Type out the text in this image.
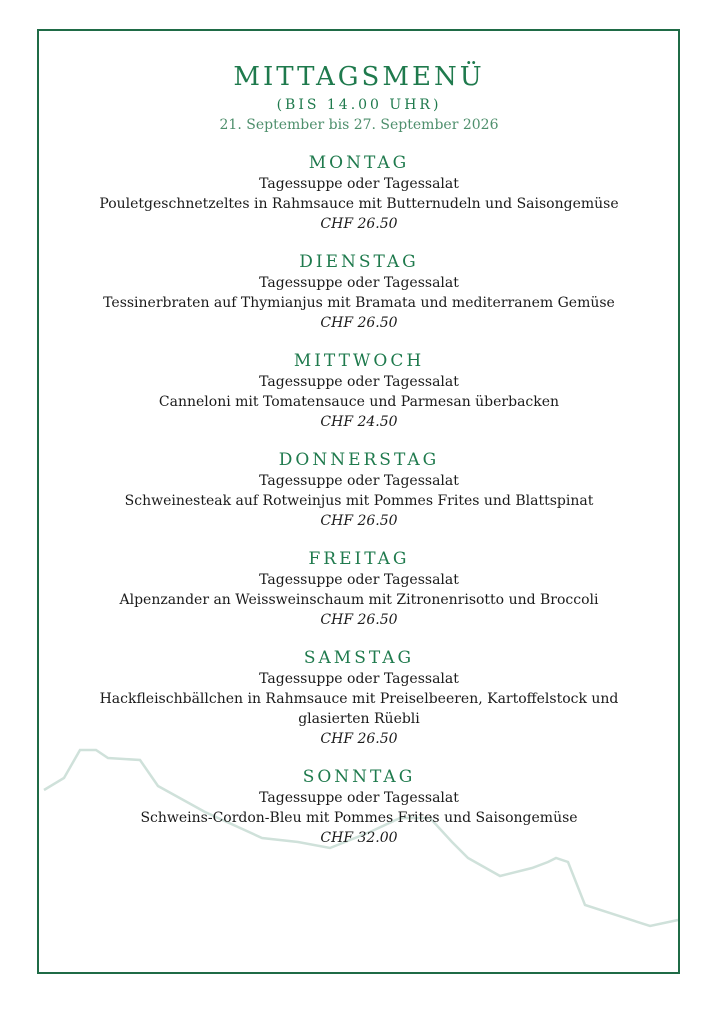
MITTAGSMENÜ
(BIS 14.00 UHR)
21. September bis 27. September 2026
MONTAG
Tagessuppe oder Tagessalat
Pouletgeschnetzeltes in Rahmsauce mit Butternudeln und Saisongemüse
CHF 26.50
DIENSTAG
Tagessuppe oder Tagessalat
Tessinerbraten auf Thymianjus mit Bramata und mediterranem Gemüse
CHF 26.50
MITTWOCH
Tagessuppe oder Tagessalat
Canneloni mit Tomatensauce und Parmesan überbacken
CHF 24.50
DONNERSTAG
Tagessuppe oder Tagessalat
Schweinesteak auf Rotweinjus mit Pommes Frites und Blattspinat
CHF 26.50
FREITAG
Tagessuppe oder Tagessalat
Alpenzander an Weissweinschaum mit Zitronenrisotto und Broccoli
CHF 26.50
SAMSTAG
Tagessuppe oder Tagessalat
Hackfleischbällchen in Rahmsauce mit Preiselbeeren, Kartoffelstock und
glasierten Rüebli
CHF 26.50
SONNTAG
Tagessuppe oder Tagessalat
Schweins-Cordon-Bleu mit Pommes Frites und Saisongemüse
CHF 32.00
